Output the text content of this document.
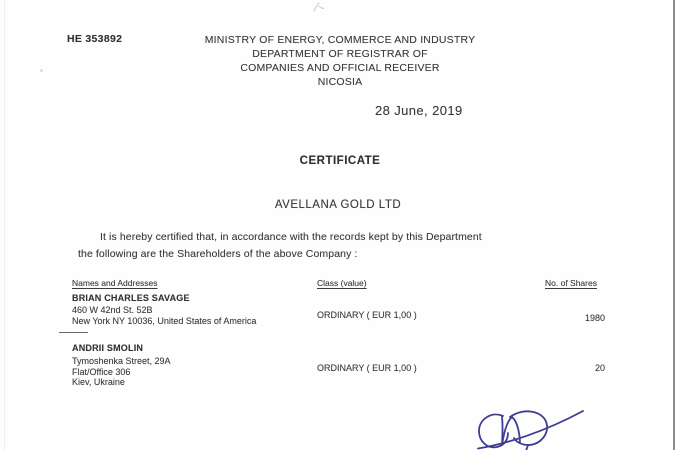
HE 353892	MINISTRY OF ENERGY, COMMERCE AND INDUSTRY
DEPARTMENT OF REGISTRAR OF
COMPANIES AND OFFICIAL RECEIVER
NICOSIA
28 June, 2019
CERTIFICATE
AVELLANA GOLD LTD
It is hereby certified that, in accordance with the records kept by this Department
the following are the Shareholders of the above Company :
Names and Addresses	Class (value)	No. of Shares
BRIAN CHARLES SAVAGE
460 W 42nd St. 52B
New York NY 10036, United States of America
ORDINARY ( EUR 1,00 )	1980
ANDRII SMOLIN
Tymoshenka Street, 29A
Flat/Office 306
Kiev, Ukraine
ORDINARY ( EUR 1,00 )	20
